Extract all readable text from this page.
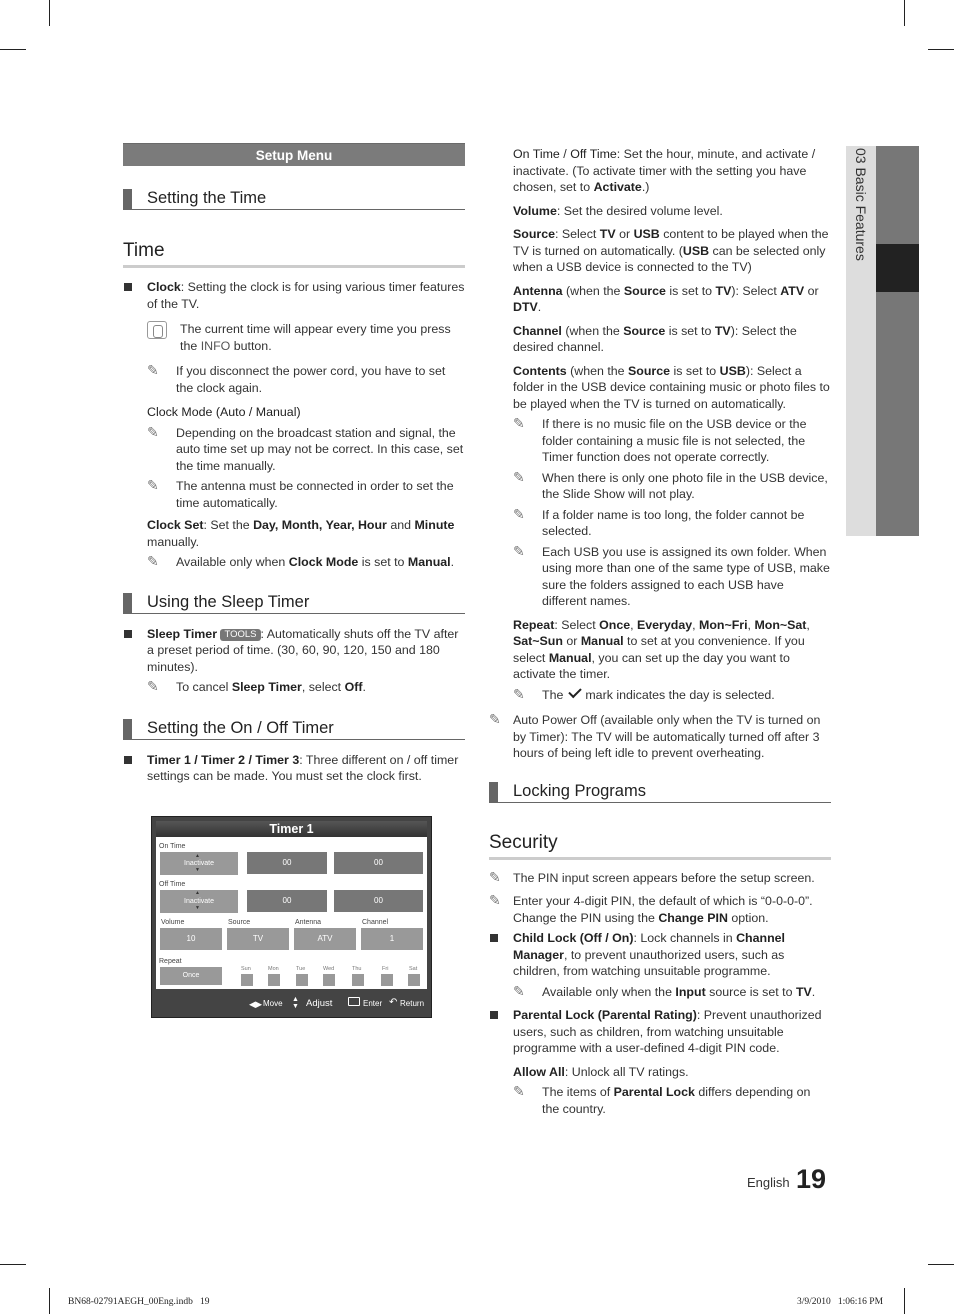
03 Basic Features
Setup Menu
Setting the Time
Time

Clock: Setting the clock is for using various timer features of the TV.

The current time will appear every time you press the INFO button.

✎ If you disconnect the power cord, you have to set the clock again.

Clock Mode (Auto / Manual)

✎ Depending on the broadcast station and signal, the auto time set up may not be correct. In this case, set the time manually.

✎ The antenna must be connected in order to set the time automatically.

Clock Set: Set the Day, Month, Year, Hour and Minute manually.

✎ Available only when Clock Mode is set to Manual.

Using the Sleep Timer

Sleep Timer TOOLS : Automatically shuts off the TV after a preset period of time. (30, 60, 90, 120, 150 and 180 minutes).

✎ To cancel Sleep Timer, select Off.

Setting the On / Off Timer

Timer 1 / Timer 2 / Timer 3: Three different on / off timer settings can be made. You must set the clock first.

Timer 1
On Time
Inactivate
▲
▼
00	00
Off Time
Inactivate
▲
▼
00	00
Volume	Source	Antenna	Channel
10	TV	ATV	1
Repeat
Once
Sun	Mon	Tue	Wed	Thu	Fri	Sat
◀▶ Move ▲
▼ Adjust	Enter ↶ Return

On Time / Off Time: Set the hour, minute, and activate / inactivate. (To activate timer with the setting you have chosen, set to Activate.)

Volume: Set the desired volume level.

Source: Select TV or USB content to be played when the TV is turned on automatically. (USB can be selected only when a USB device is connected to the TV)

Antenna (when the Source is set to TV): Select ATV or DTV.

Channel (when the Source is set to TV): Select the desired channel.

Contents (when the Source is set to USB): Select a folder in the USB device containing music or photo files to be played when the TV is turned on automatically.

✎ If there is no music file on the USB device or the folder containing a music file is not selected, the Timer function does not operate correctly.

✎ When there is only one photo file in the USB device, the Slide Show will not play.

✎ If a folder name is too long, the folder cannot be selected.

✎ Each USB you use is assigned its own folder. When using more than one of the same type of USB, make sure the folders assigned to each USB have different names.

Repeat: Select Once, Everyday, Mon~Fri, Mon~Sat, Sat~Sun or Manual to set at you convenience. If you select Manual, you can set up the day you want to activate the timer.

✎ The mark indicates the day is selected.

✎ Auto Power Off (available only when the TV is turned on by Timer): The TV will be automatically turned off after 3 hours of being left idle to prevent overheating.

Locking Programs
Security

✎ The PIN input screen appears before the setup screen.

✎ Enter your 4-digit PIN, the default of which is “0-0-0-0”. Change the PIN using the Change PIN option.

Child Lock (Off / On): Lock channels in Channel Manager, to prevent unauthorized users, such as children, from watching unsuitable programme.

✎ Available only when the Input source is set to TV.

Parental Lock (Parental Rating): Prevent unauthorized users, such as children, from watching unsuitable programme with a user-defined 4-digit PIN code.

Allow All: Unlock all TV ratings.

✎ The items of Parental Lock differs depending on the country.

English 19
BN68-02791AEGH_00Eng.indb   19	3/9/2010   1:06:16 PM
